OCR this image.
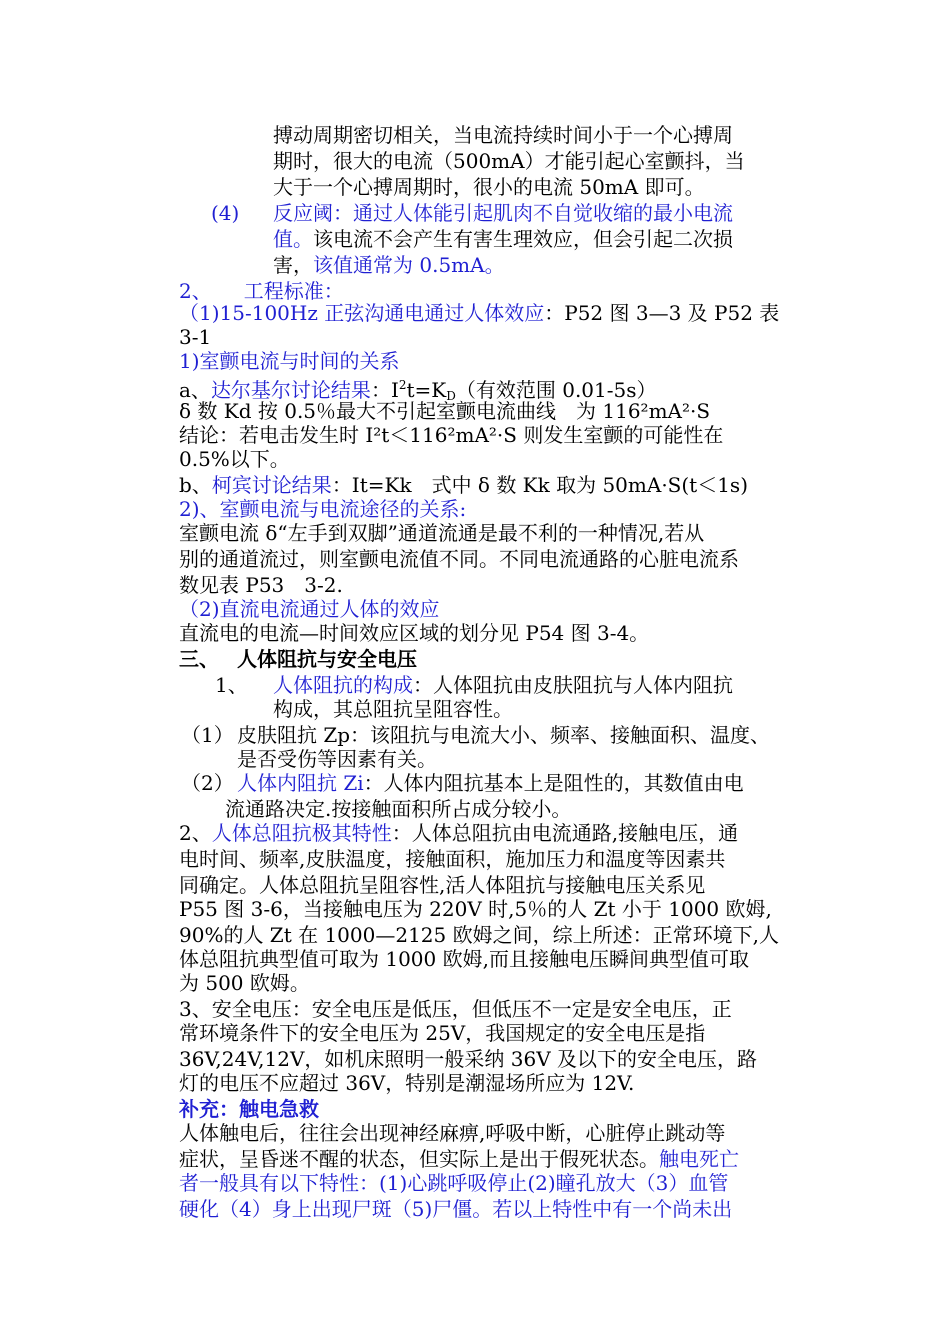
搏动周期密切相关，当电流持续时间小于一个心搏周
期时，很大的电流（500mA）才能引起心室颤抖，当
大于一个心搏周期时，很小的电流 50mA 即可。
(4)	反应阈：通过人体能引起肌肉不自觉收缩的最小电流
值。该电流不会产生有害生理效应，但会引起二次损
害，该值通常为 0.5mA。
2、 工程标准：
（1)15-100Hz 正弦沟通电通过人体效应：P52 图 3—3 及 P52 表
3-1
1)室颤电流与时间的关系
a、达尔基尔讨论结果：$I^2t=K_D$（有效范围 0.01-5s）
δ 数 Kd 按 0.5％最大不引起室颤电流曲线　为 116²mA²·S
结论：若电击发生时 I²t＜116²mA²·S 则发生室颤的可能性在
0.5%以下。
b、柯宾讨论结果：It=Kk　式中 δ 数 Kk 取为 50mA·S(t＜1s)
2)、室颤电流与电流途径的关系:
室颤电流 δ“左手到双脚”通道流通是最不利的一种情况,若从
别的通道流过，则室颤电流值不同。不同电流通路的心脏电流系
数见表 P53　3-2.
（2)直流电流通过人体的效应
直流电的电流—时间效应区域的划分见 P54 图 3-4。
三、 人体阻抗与安全电压
1、	人体阻抗的构成：人体阻抗由皮肤阻抗与人体内阻抗
构成，其总阻抗呈阻容性。
（1） 皮肤阻抗 Zp：该阻抗与电流大小、频率、接触面积、温度、
是否受伤等因素有关。
（2） 人体内阻抗 Zi：人体内阻抗基本上是阻性的，其数值由电
流通路决定.按接触面积所占成分较小。
2、人体总阻抗极其特性：人体总阻抗由电流通路,接触电压，通
电时间、频率,皮肤温度，接触面积，施加压力和温度等因素共
同确定。人体总阻抗呈阻容性,活人体阻抗与接触电压关系见
P55 图 3-6，当接触电压为 220V 时,5％的人 Zt 小于 1000 欧姆,
90%的人 Zt 在 1000—2125 欧姆之间，综上所述：正常环境下,人
体总阻抗典型值可取为 1000 欧姆,而且接触电压瞬间典型值可取
为 500 欧姆。
3、安全电压：安全电压是低压，但低压不一定是安全电压，正
常环境条件下的安全电压为 25V，我国规定的安全电压是指
36V,24V,12V，如机床照明一般采纳 36V 及以下的安全电压，路
灯的电压不应超过 36V，特别是潮湿场所应为 12V.
补充：触电急救
人体触电后，往往会出现神经麻痹,呼吸中断，心脏停止跳动等
症状，呈昏迷不醒的状态，但实际上是出于假死状态。触电死亡
者一般具有以下特性：(1)心跳呼吸停止(2)瞳孔放大（3）血管
硬化（4）身上出现尸斑（5)尸僵。若以上特性中有一个尚未出
